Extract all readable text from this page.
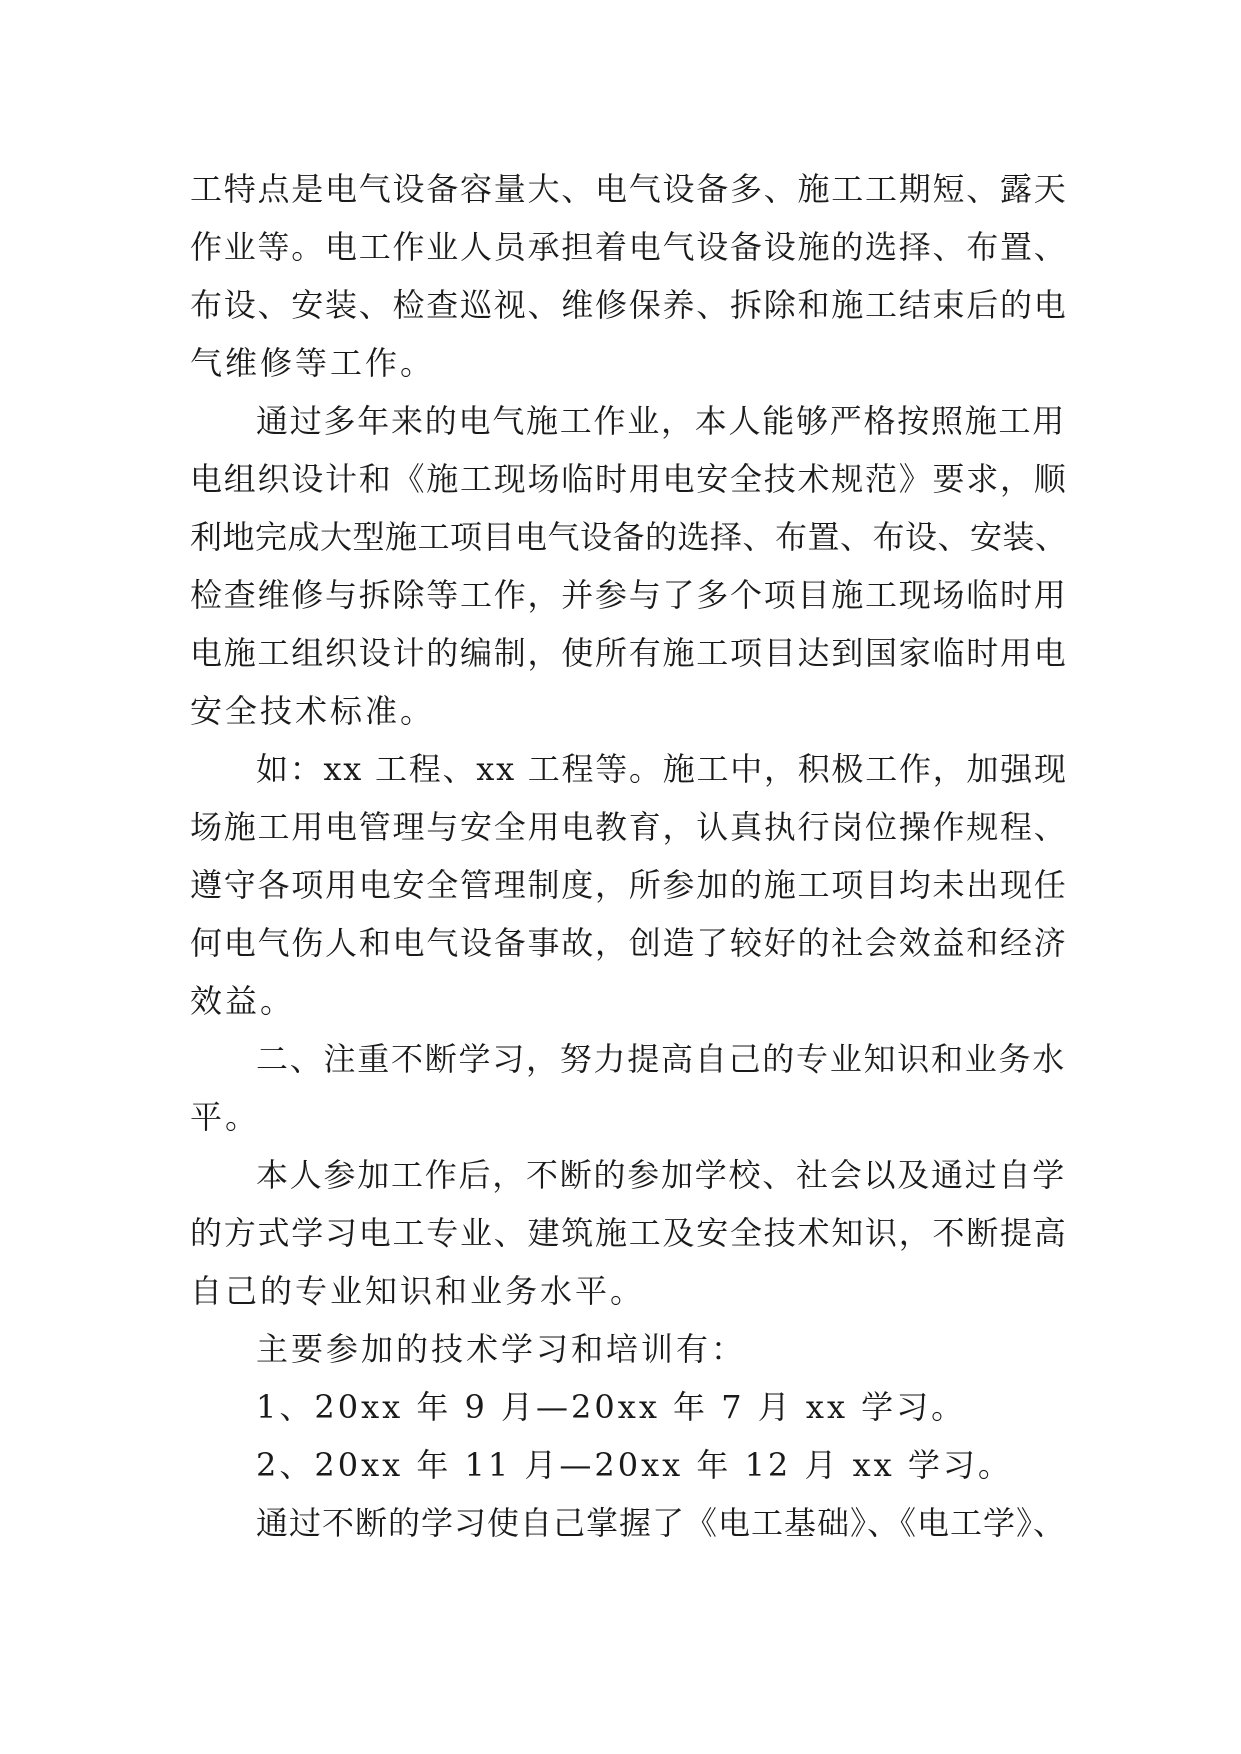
工特点是电气设备容量大、电气设备多、施工工期短、露天
作业等。电工作业人员承担着电气设备设施的选择、布置、
布设、安装、检查巡视、维修保养、拆除和施工结束后的电
气维修等工作。
通过多年来的电气施工作业，本人能够严格按照施工用
电组织设计和《施工现场临时用电安全技术规范》要求，顺
利地完成大型施工项目电气设备的选择、布置、布设、安装、
检查维修与拆除等工作，并参与了多个项目施工现场临时用
电施工组织设计的编制，使所有施工项目达到国家临时用电
安全技术标准。
如：xx 工程、xx 工程等。施工中，积极工作，加强现
场施工用电管理与安全用电教育，认真执行岗位操作规程、
遵守各项用电安全管理制度，所参加的施工项目均未出现任
何电气伤人和电气设备事故，创造了较好的社会效益和经济
效益。
二、注重不断学习，努力提高自己的专业知识和业务水
平。
本人参加工作后，不断的参加学校、社会以及通过自学
的方式学习电工专业、建筑施工及安全技术知识，不断提高
自己的专业知识和业务水平。
主要参加的技术学习和培训有：
1、20xx 年 9 月—20xx 年 7 月 xx 学习。
2、20xx 年 11 月—20xx 年 12 月 xx 学习。
通过不断的学习使自己掌握了《电工基础》、《电工学》、
